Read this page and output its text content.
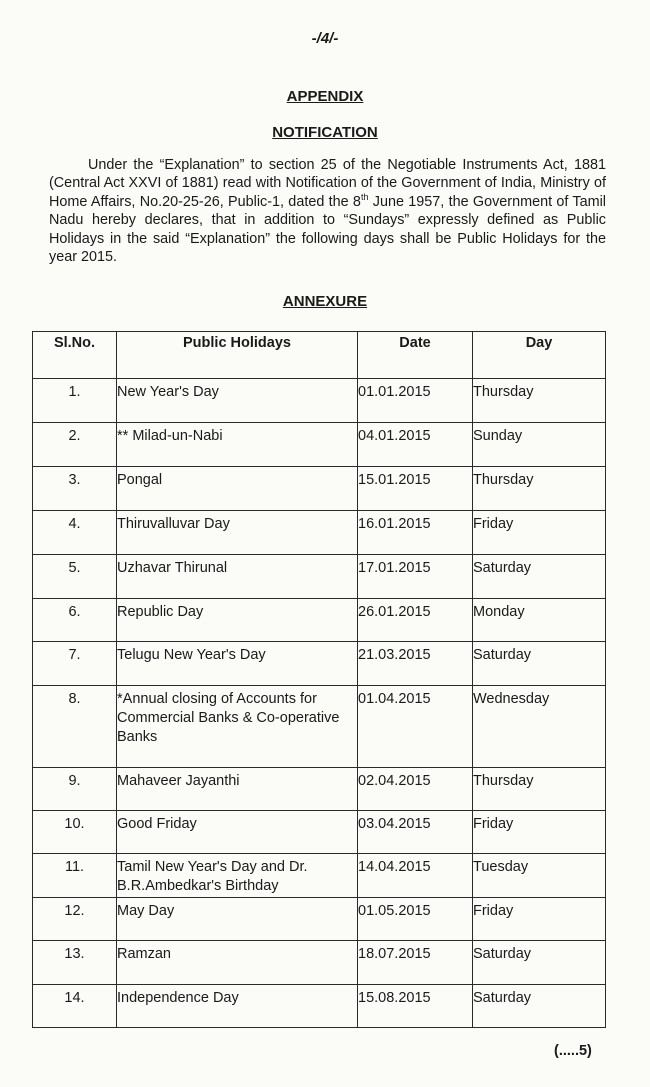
-/4/-
APPENDIX
NOTIFICATION

Under the “Explanation” to section 25 of the Negotiable Instruments Act, 1881 (Central Act XXVI of 1881) read with Notification of the Government of India, Ministry of Home Affairs, No.20-25-26, Public-1, dated the 8th June 1957, the Government of Tamil Nadu hereby declares, that in addition to “Sundays” expressly defined as Public Holidays in the said “Explanation” the following days shall be Public Holidays for the year 2015.

ANNEXURE
Sl.No.	Public Holidays	Date	Day
1.	New Year's Day	01.01.2015	Thursday
2.	** Milad-un-Nabi	04.01.2015	Sunday
3.	Pongal	15.01.2015	Thursday
4.	Thiruvalluvar Day	16.01.2015	Friday
5.	Uzhavar Thirunal	17.01.2015	Saturday
6.	Republic Day	26.01.2015	Monday
7.	Telugu New Year's Day	21.03.2015	Saturday
8.	*Annual closing of Accounts for Commercial Banks & Co-operative Banks	01.04.2015	Wednesday
9.	Mahaveer Jayanthi	02.04.2015	Thursday
10.	Good Friday	03.04.2015	Friday
11.	Tamil New Year's Day and Dr. B.R.Ambedkar's Birthday	14.04.2015	Tuesday
12.	May Day	01.05.2015	Friday
13.	Ramzan	18.07.2015	Saturday
14.	Independence Day	15.08.2015	Saturday
(.....5)
